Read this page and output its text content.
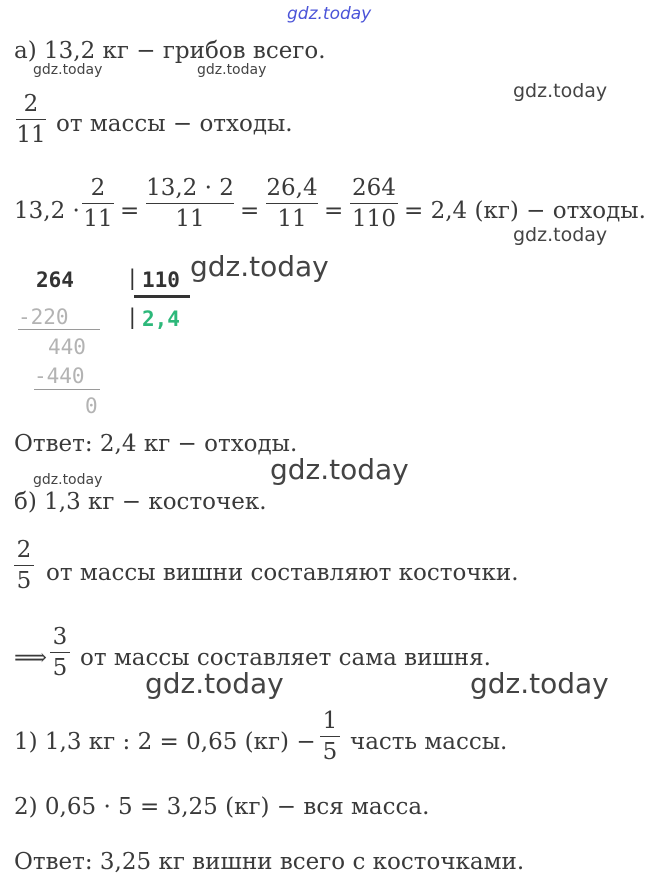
gdz.today
gdz.today	gdz.today
gdz.today
gdz.today
gdz.today
gdz.today
gdz.today
gdz.today	gdz.today
а) 13,2 кг − грибов всего.
2
11 от массы − отходы.
13,2 ·
2
11 =
13,2 · 2
11	=
26,4
11 =
264
110 = 2,4 (кг) − отходы.
264 | 110
| 2,4
-220
440
-440
0
Ответ: 2,4 кг − отходы.
б) 1,3 кг − косточек.
2
5 от массы вишни составляют косточки.
⟹
3
5 от массы составляет сама вишня.
1) 1,3 кг : 2 = 0,65 (кг) −
1
5 часть массы.
2) 0,65 · 5 = 3,25 (кг) − вся масса.
Ответ: 3,25 кг вишни всего с косточками.
